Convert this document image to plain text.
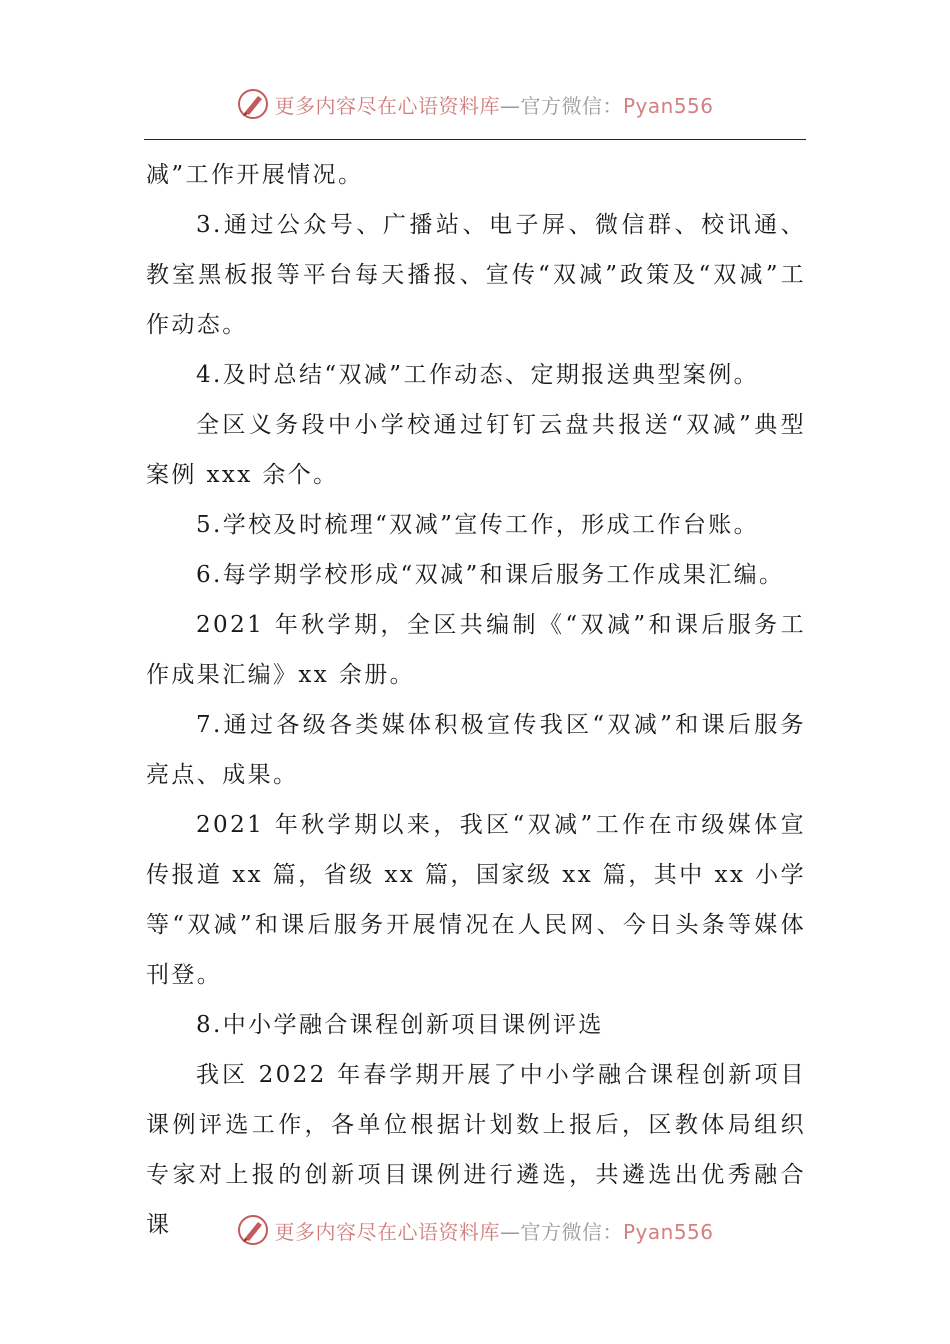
更多内容尽在心语资料库—官方微信：Pyan556

减”工作开展情况。

3.通过公众号、广播站、电子屏、微信群、校讯通、教室黑板报等平台每天播报、宣传“双减”政策及“双减”工作动态。

4.及时总结“双减”工作动态、定期报送典型案例。

全区义务段中小学校通过钉钉云盘共报送“双减”典型案例 xxx 余个。

5.学校及时梳理“双减”宣传工作，形成工作台账。

6.每学期学校形成“双减”和课后服务工作成果汇编。

2021 年秋学期，全区共编制《“双减”和课后服务工作成果汇编》xx 余册。

7.通过各级各类媒体积极宣传我区“双减”和课后服务亮点、成果。

2021 年秋学期以来，我区“双减”工作在市级媒体宣传报道 xx 篇，省级 xx 篇，国家级 xx 篇，其中 xx 小学等“双减”和课后服务开展情况在人民网、今日头条等媒体刊登。

8.中小学融合课程创新项目课例评选

我区 2022 年春学期开展了中小学融合课程创新项目课例评选工作，各单位根据计划数上报后，区教体局组织专家对上报的创新项目课例进行遴选，共遴选出优秀融合课	更多内容尽在心语资料库—官方微信：Pyan556
